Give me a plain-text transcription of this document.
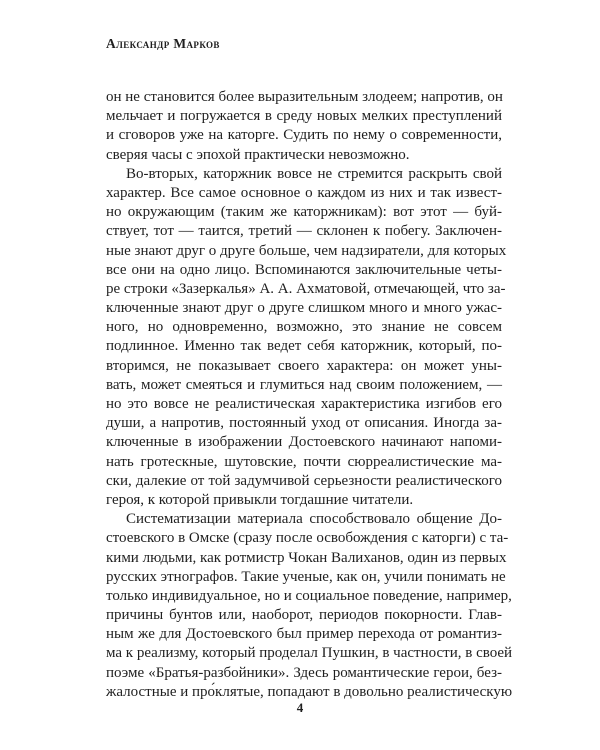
Александр Марков

он не становится более выразительным злодеем; напротив, он
мельчает и погружается в среду новых мелких преступлений
и сговоров уже на каторге. Судить по нему о современности,
сверяя часы с эпохой практически невозможно.

Во-вторых, каторжник вовсе не стремится раскрыть свой
характер. Все самое основное о каждом из них и так извест-
но окружающим (таким же каторжникам): вот этот — буй-
ствует, тот — таится, третий — склонен к побегу. Заключен-
ные знают друг о друге больше, чем надзиратели, для которых
все они на одно лицо. Вспоминаются заключительные четы-
ре строки «Зазеркалья» А. А. Ахматовой, отмечающей, что за-
ключенные знают друг о друге слишком много и много ужас-
ного, но одновременно, возможно, это знание не совсем
подлинное. Именно так ведет себя каторжник, который, по-
вторимся, не показывает своего характера: он может уны-
вать, может смеяться и глумиться над своим положением, —
но это вовсе не реалистическая характеристика изгибов его
души, а напротив, постоянный уход от описания. Иногда за-
ключенные в изображении Достоевского начинают напоми-
нать гротескные, шутовские, почти сюрреалистические ма-
ски, далекие от той задумчивой серьезности реалистического
героя, к которой привыкли тогдашние читатели.

Систематизации материала способствовало общение До-
стоевского в Омске (сразу после освобождения с каторги) с та-
кими людьми, как ротмистр Чокан Валиханов, один из первых
русских этнографов. Такие ученые, как он, учили понимать не
только индивидуальное, но и социальное поведение, например,
причины бунтов или, наоборот, периодов покорности. Глав-
ным же для Достоевского был пример перехода от романтиз-
ма к реализму, который проделал Пушкин, в частности, в своей
поэме «Братья-разбойники». Здесь романтические герои, без-
жалостные и про́клятые, попадают в довольно реалистическую

4
